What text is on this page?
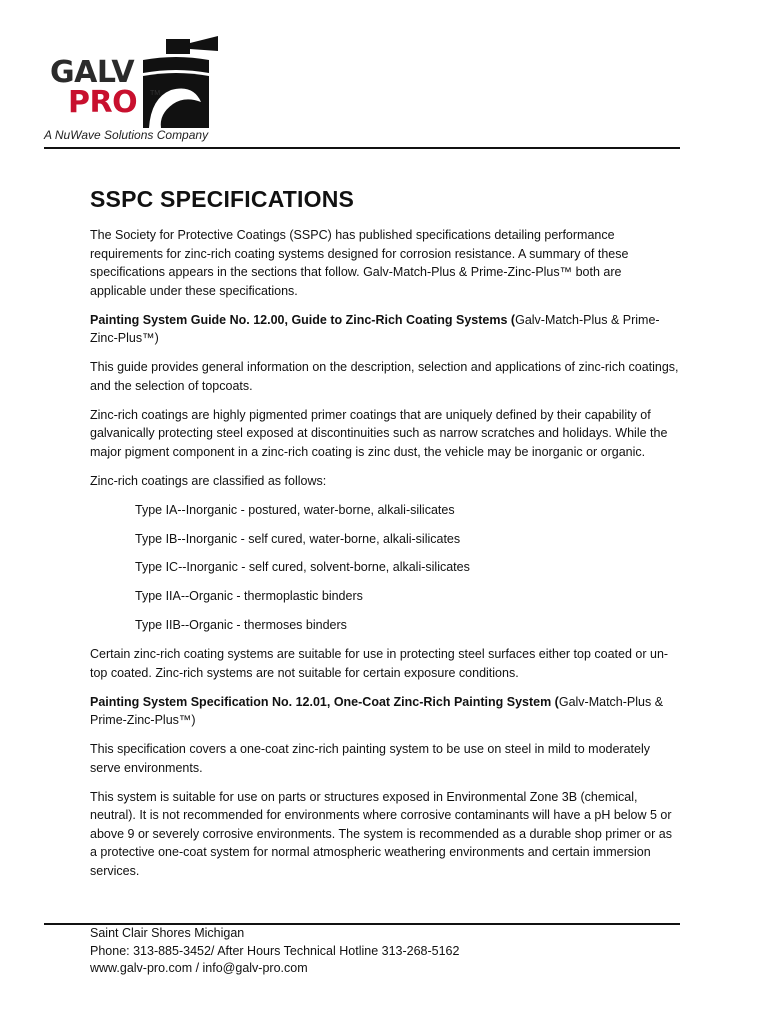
GALV
PRO TM
A NuWave Solutions Company
SSPC SPECIFICATIONS

The Society for Protective Coatings (SSPC) has published specifications detailing performance requirements for zinc-rich coating systems designed for corrosion resistance. A summary of these specifications appears in the sections that follow. Galv-Match-Plus & Prime-Zinc-Plus™ both are applicable under these specifications.

Painting System Guide No. 12.00, Guide to Zinc-Rich Coating Systems (Galv-Match-Plus & Prime-Zinc-Plus™)

This guide provides general information on the description, selection and applications of zinc-rich coatings, and the selection of topcoats.

Zinc-rich coatings are highly pigmented primer coatings that are uniquely defined by their capability of galvanically protecting steel exposed at discontinuities such as narrow scratches and holidays. While the major pigment component in a zinc-rich coating is zinc dust, the vehicle may be inorganic or organic.

Zinc-rich coatings are classified as follows:

Type IA--Inorganic - postured, water-borne, alkali-silicates

Type IB--Inorganic - self cured, water-borne, alkali-silicates

Type IC--Inorganic - self cured, solvent-borne, alkali-silicates

Type IIA--Organic - thermoplastic binders

Type IIB--Organic - thermoses binders

Certain zinc-rich coating systems are suitable for use in protecting steel surfaces either top coated or un-top coated. Zinc-rich systems are not suitable for certain exposure conditions.

Painting System Specification No. 12.01, One-Coat Zinc-Rich Painting System (Galv-Match-Plus & Prime-Zinc-Plus™)

This specification covers a one-coat zinc-rich painting system to be use on steel in mild to moderately serve environments.

This system is suitable for use on parts or structures exposed in Environmental Zone 3B (chemical, neutral). It is not recommended for environments where corrosive contaminants will have a pH below 5 or above 9 or severely corrosive environments. The system is recommended as a durable shop primer or as a protective one-coat system for normal atmospheric weathering environments and certain immersion services.

Saint Clair Shores Michigan
Phone: 313-885-3452/ After Hours Technical Hotline 313-268-5162
www.galv-pro.com / info@galv-pro.com
